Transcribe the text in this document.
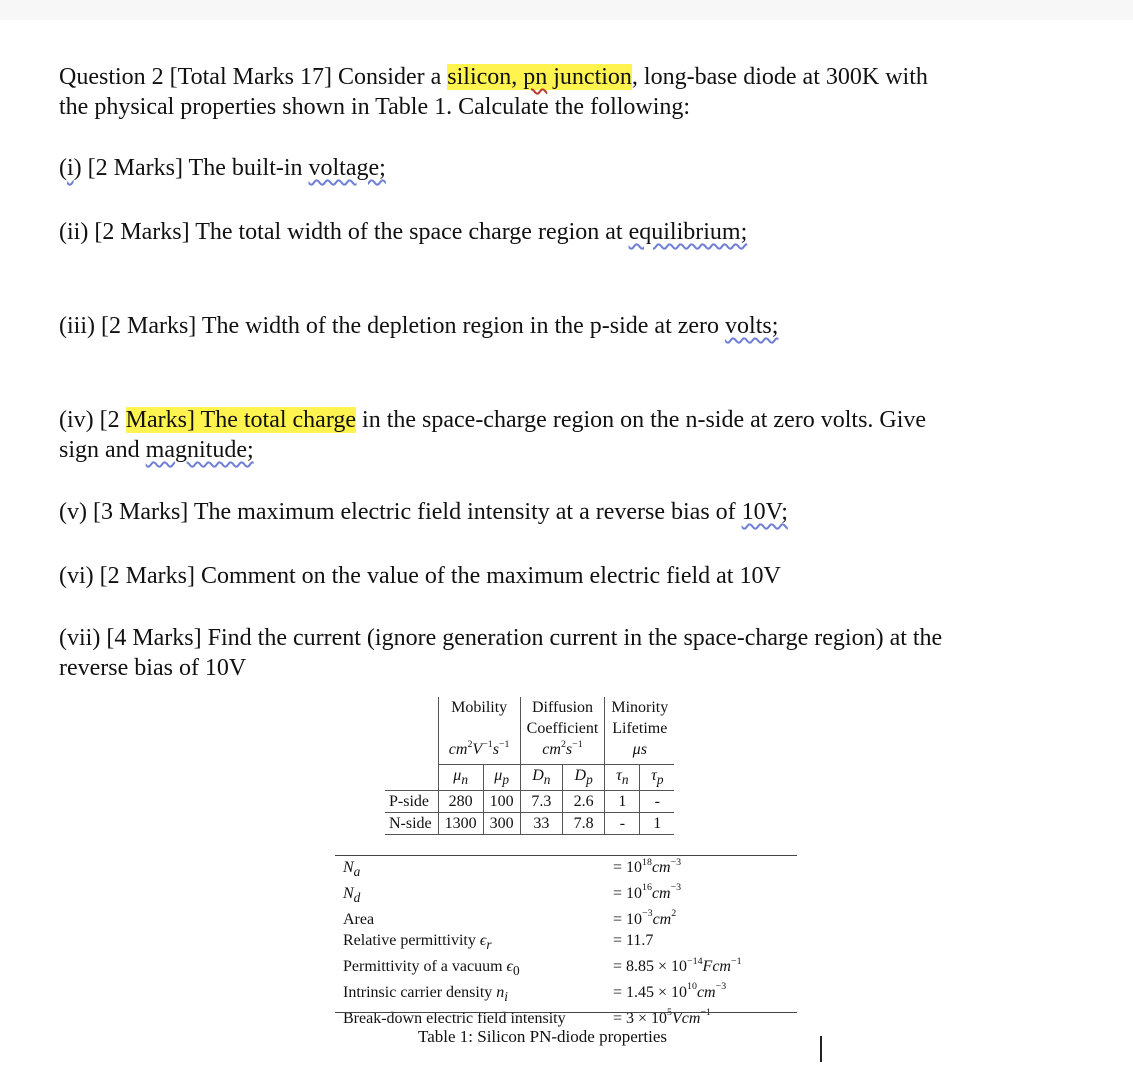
Question 2 [Total Marks 17] Consider a silicon, pn junction, long-base diode at 300K with
the physical properties shown in Table 1. Calculate the following:
(i) [2 Marks] The built-in voltage;
(ii) [2 Marks] The total width of the space charge region at equilibrium;
(iii) [2 Marks] The width of the depletion region in the p-side at zero volts;
(iv) [2 Marks] The total charge in the space-charge region on the n-side at zero volts. Give
sign and magnitude;
(v) [3 Marks] The maximum electric field intensity at a reverse bias of 10V;
(vi) [2 Marks] Comment on the value of the maximum electric field at 10V
(vii) [4 Marks] Find the current (ignore generation current in the space-charge region) at the
reverse bias of 10V
	Mobility		Diffusion		Minority	
			Coefficient		Lifetime	
	$cm^2V^{-1}s^{-1}$		$cm^2s^{-1}$		μs	
	$\mu_n$	$\mu_p$	$D_n$	$D_p$	$\tau_n$	$\tau_p$
P-side	280	100	7.3	2.6	1	-
N-side	1300	300	33	7.8	-	1
$N_a$	= $10^{18}cm^{-3}$
$N_d$	= $10^{16}cm^{-3}$
Area	= $10^{-3}cm^2$
Relative permittivity $\epsilon_r$	= 11.7
Permittivity of a vacuum $\epsilon_0$	= $8.85 \times 10^{-14}Fcm^{-1}$
Intrinsic carrier density $n_i$	= $1.45 \times 10^{10}cm^{-3}$
Break-down electric field intensity	= $3 \times 10^5Vcm^{-1}$
Table 1: Silicon PN-diode properties
